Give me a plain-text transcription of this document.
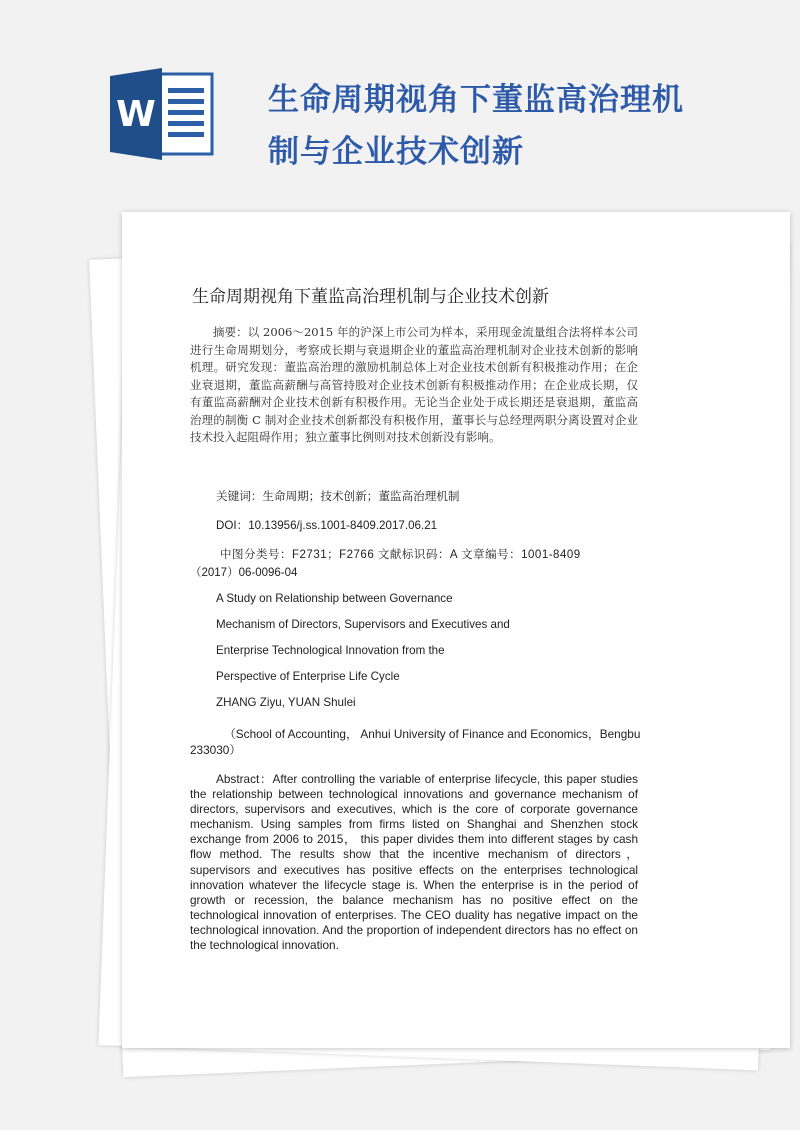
W	生命周期视角下董监高治理机
制与企业技术创新
生命周期视角下董监高治理机制与企业技术创新
摘要：以 2006～2015 年的沪深上市公司为样本，采用现金流量组合法将样本公司进行生命周期划分，考察成长期与衰退期企业的董监高治理机制对企业技术创新的影响机理。研究发现：董监高治理的激励机制总体上对企业技术创新有积极推动作用；在企业衰退期，董监高薪酬与高管持股对企业技术创新有积极推动作用；在企业成长期，仅有董监高薪酬对企业技术创新有积极作用。无论当企业处于成长期还是衰退期，董监高治理的制衡 C 制对企业技术创新都没有积极作用，董事长与总经理两职分离设置对企业技术投入起阻碍作用；独立董事比例则对技术创新没有影响。
关键词：生命周期；技术创新；董监高治理机制
DOI：10.13956/j.ss.1001-8409.2017.06.21
中图分类号：F2731；F2766 文献标识码：A 文章编号：1001-8409
（2017）06-0096-04
A Study on Relationship between Governance
Mechanism of Directors, Supervisors and Executives and
Enterprise Technological Innovation from the
Perspective of Enterprise Life Cycle
ZHANG Ziyu, YUAN Shulei
（School of Accounting， Anhui University of Finance and Economics，Bengbu 233030）
Abstract：After controlling the variable of enterprise lifecycle, this paper studies the relationship between technological innovations and governance mechanism of directors, supervisors and executives, which is the core of corporate governance mechanism. Using samples from firms listed on Shanghai and Shenzhen stock exchange from 2006 to 2015， this paper divides them into different stages by cash flow method. The results show that the incentive mechanism of directors， supervisors and executives has positive effects on the enterprises technological innovation whatever the lifecycle stage is. When the enterprise is in the period of growth or recession, the balance mechanism has no positive effect on the technological innovation of enterprises. The CEO duality has negative impact on the technological innovation. And the proportion of independent directors has no effect on the technological innovation.
